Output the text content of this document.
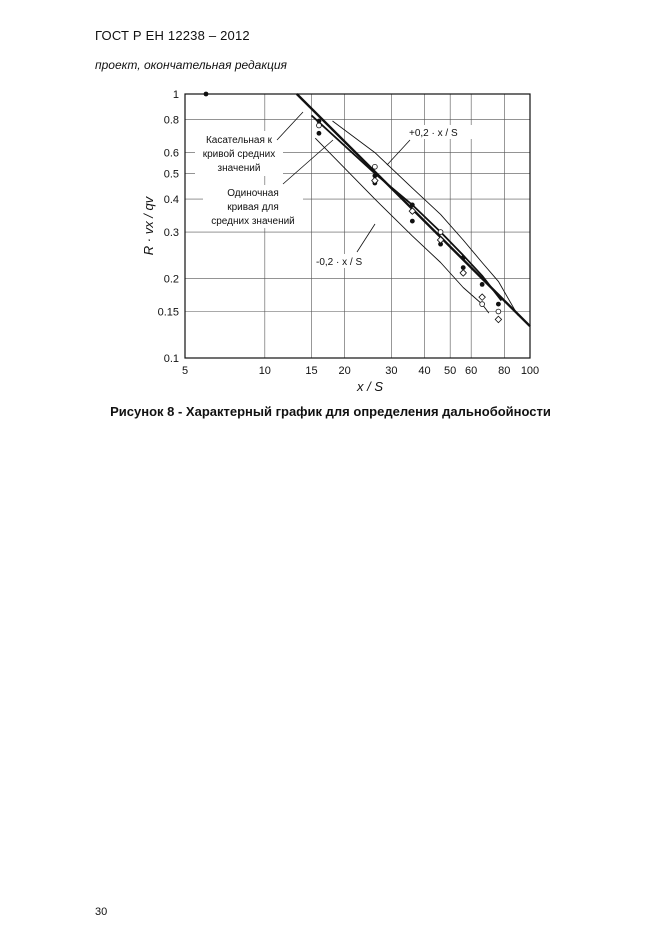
ГОСТ Р ЕН 12238 – 2012
проект, окончательная редакция
5	10	15 20	30 40 50 60 80 100
0.1
0.15
0.2
0.3
0.4
0.5
0.6
0.8
1
x / S
R · vx / qv
Касательная к
кривой средних
значений
Одиночная
кривая для
средних значений
+0,2 · x / S
-0,2 · x / S
Рисунок 8 - Характерный график для определения дальнобойности
30
